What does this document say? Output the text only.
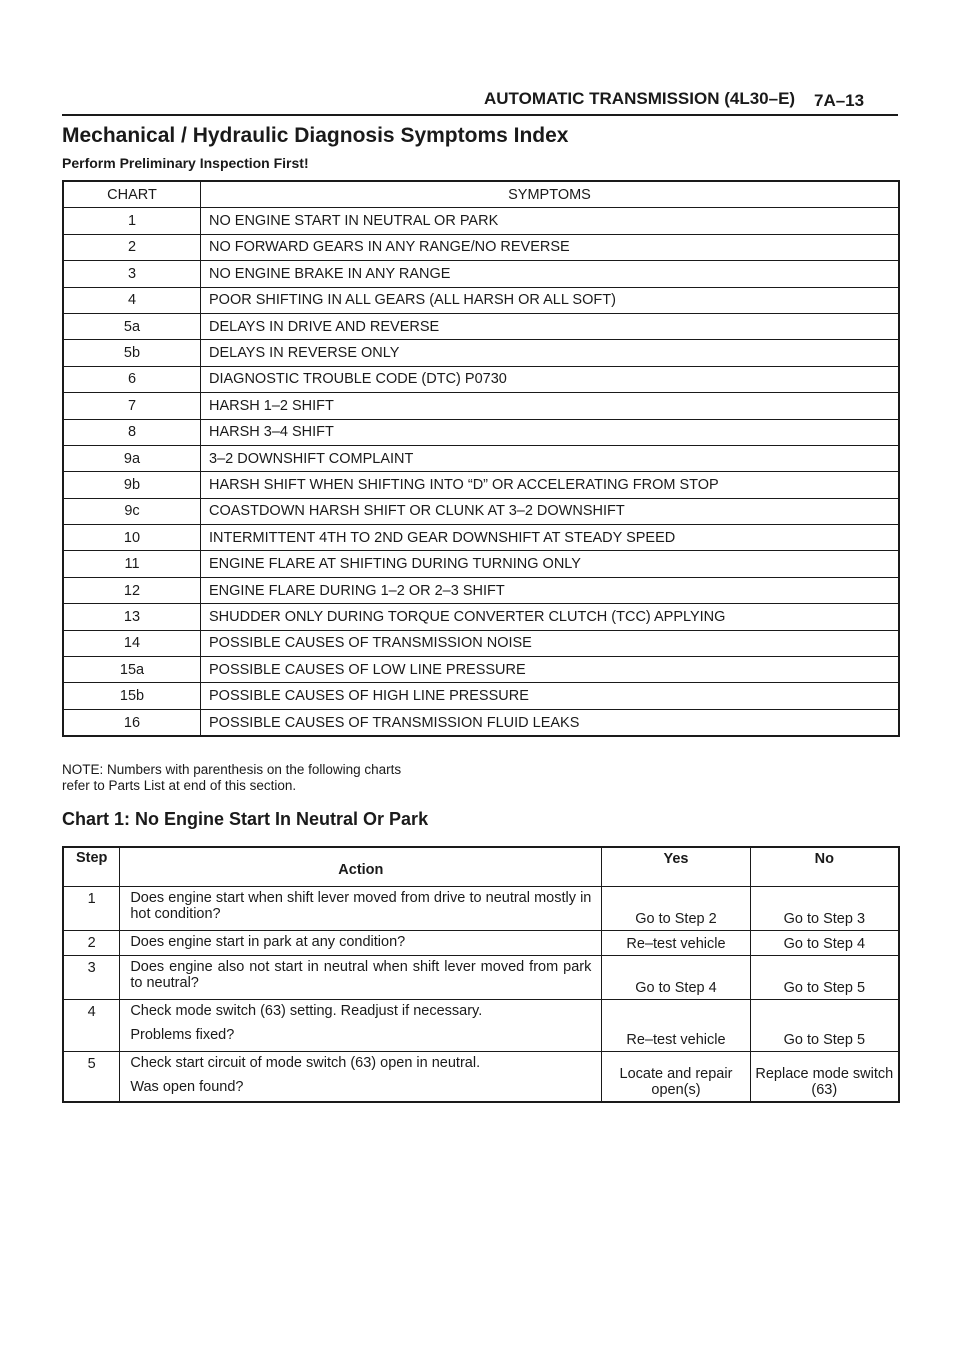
AUTOMATIC TRANSMISSION (4L30–E) 7A–13
Mechanical / Hydraulic Diagnosis Symptoms Index
Perform Preliminary Inspection First!
CHART	SYMPTOMS
1	NO ENGINE START IN NEUTRAL OR PARK
2	NO FORWARD GEARS IN ANY RANGE/NO REVERSE
3	NO ENGINE BRAKE IN ANY RANGE
4	POOR SHIFTING IN ALL GEARS (ALL HARSH OR ALL SOFT)
5a	DELAYS IN DRIVE AND REVERSE
5b	DELAYS IN REVERSE ONLY
6	DIAGNOSTIC TROUBLE CODE (DTC) P0730
7	HARSH 1–2 SHIFT
8	HARSH 3–4 SHIFT
9a	3–2 DOWNSHIFT COMPLAINT
9b	HARSH SHIFT WHEN SHIFTING INTO “D” OR ACCELERATING FROM STOP
9c	COASTDOWN HARSH SHIFT OR CLUNK AT 3–2 DOWNSHIFT
10	INTERMITTENT 4TH TO 2ND GEAR DOWNSHIFT AT STEADY SPEED
11	ENGINE FLARE AT SHIFTING DURING TURNING ONLY
12	ENGINE FLARE DURING 1–2 OR 2–3 SHIFT
13	SHUDDER ONLY DURING TORQUE CONVERTER CLUTCH (TCC) APPLYING
14	POSSIBLE CAUSES OF TRANSMISSION NOISE
15a	POSSIBLE CAUSES OF LOW LINE PRESSURE
15b	POSSIBLE CAUSES OF HIGH LINE PRESSURE
16	POSSIBLE CAUSES OF TRANSMISSION FLUID LEAKS
NOTE: Numbers with parenthesis on the following charts
refer to Parts List at end of this section.
Chart 1: No Engine Start In Neutral Or Park
Step	Action	Yes	No
1	Does engine start when shift lever moved from drive to neutral mostly in hot condition?	Go to Step 2	Go to Step 3
2	Does engine start in park at any condition?	Re–test vehicle	Go to Step 4
3	Does engine also not start in neutral when shift lever moved from park to neutral?	Go to Step 4	Go to Step 5
4	Check mode switch (63) setting. Readjust if necessary.
Problems fixed?	Re–test vehicle	Go to Step 5
5	Check start circuit of mode switch (63) open in neutral.
Was open found?	Locate and repair open(s)	Replace mode switch (63)
